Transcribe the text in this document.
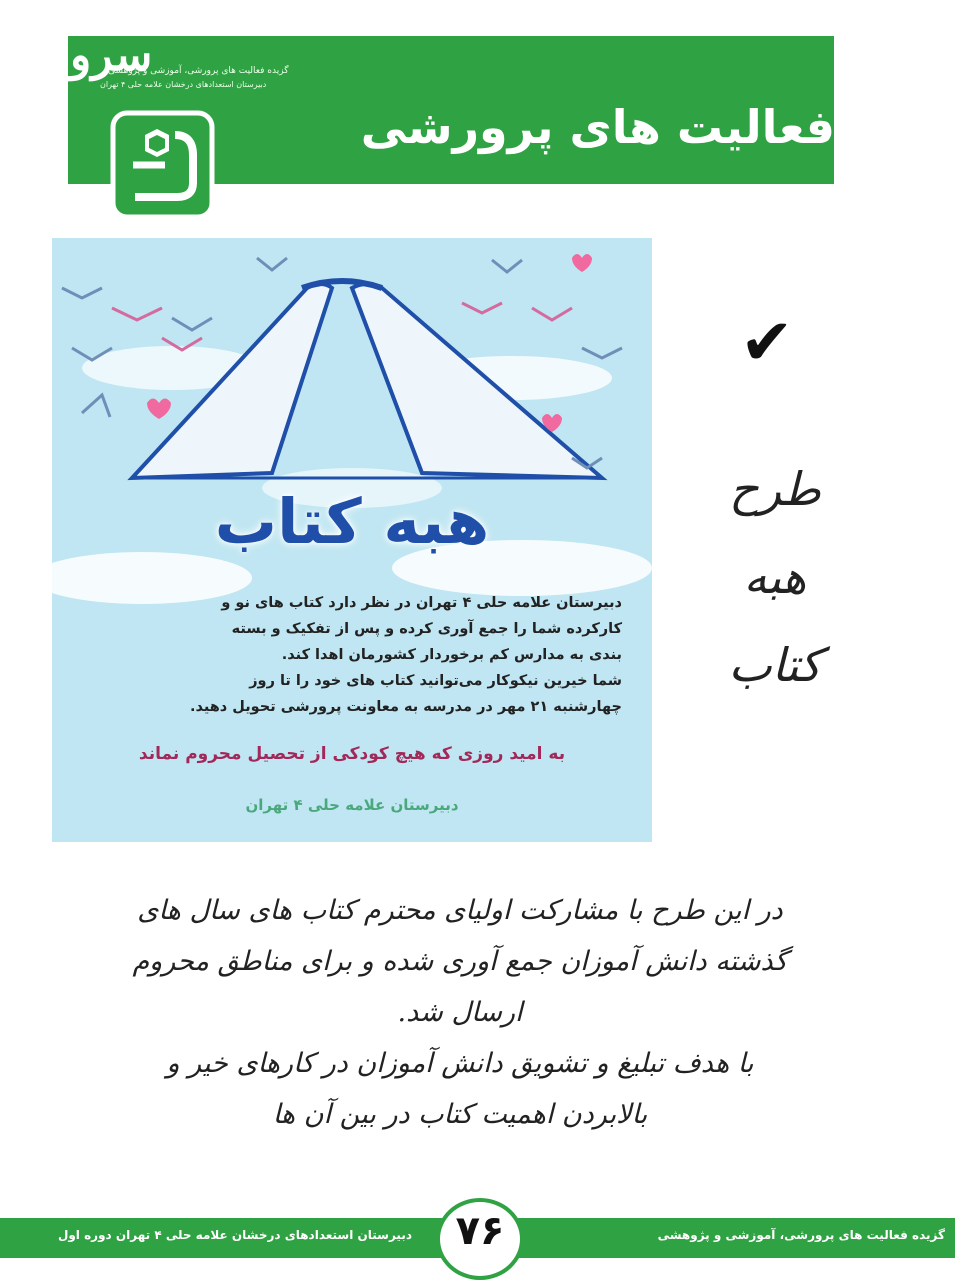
سرو
گزیده فعالیت های پرورشی، آموزشی و پژوهشی
دبیرستان استعدادهای درخشان علامه حلی ۴ تهران
فعالیت های پرورشی
هبه کتاب

دبیرستان علامه حلی ۴ تهران در نظر دارد کتاب های نو و

کارکرده شما را جمع آوری کرده و پس از تفکیک و بسته

بندی به مدارس کم برخوردار کشورمان اهدا کند.

شما خیرین نیکوکار می‌توانید کتاب های خود را تا روز

چهارشنبه ۲۱ مهر در مدرسه به معاونت پرورشی تحویل دهید.

به امید روزی که هیچ کودکی از تحصیل محروم نماند
دبیرستان علامه حلی ۴ تهران
✔
طرح
هبه
کتاب
در این طرح با مشارکت اولیای محترم کتاب های سال های
گذشته دانش آموزان جمع آوری شده و برای مناطق محروم
ارسال شد.
با هدف تبلیغ و تشویق دانش آموزان در کارهای خیر و
بالابردن اهمیت کتاب در بین آن ها
دبیرستان استعدادهای درخشان علامه حلی ۴ تهران دوره اول	گزیده فعالیت های پرورشی، آموزشی و پژوهشی
۷۶
